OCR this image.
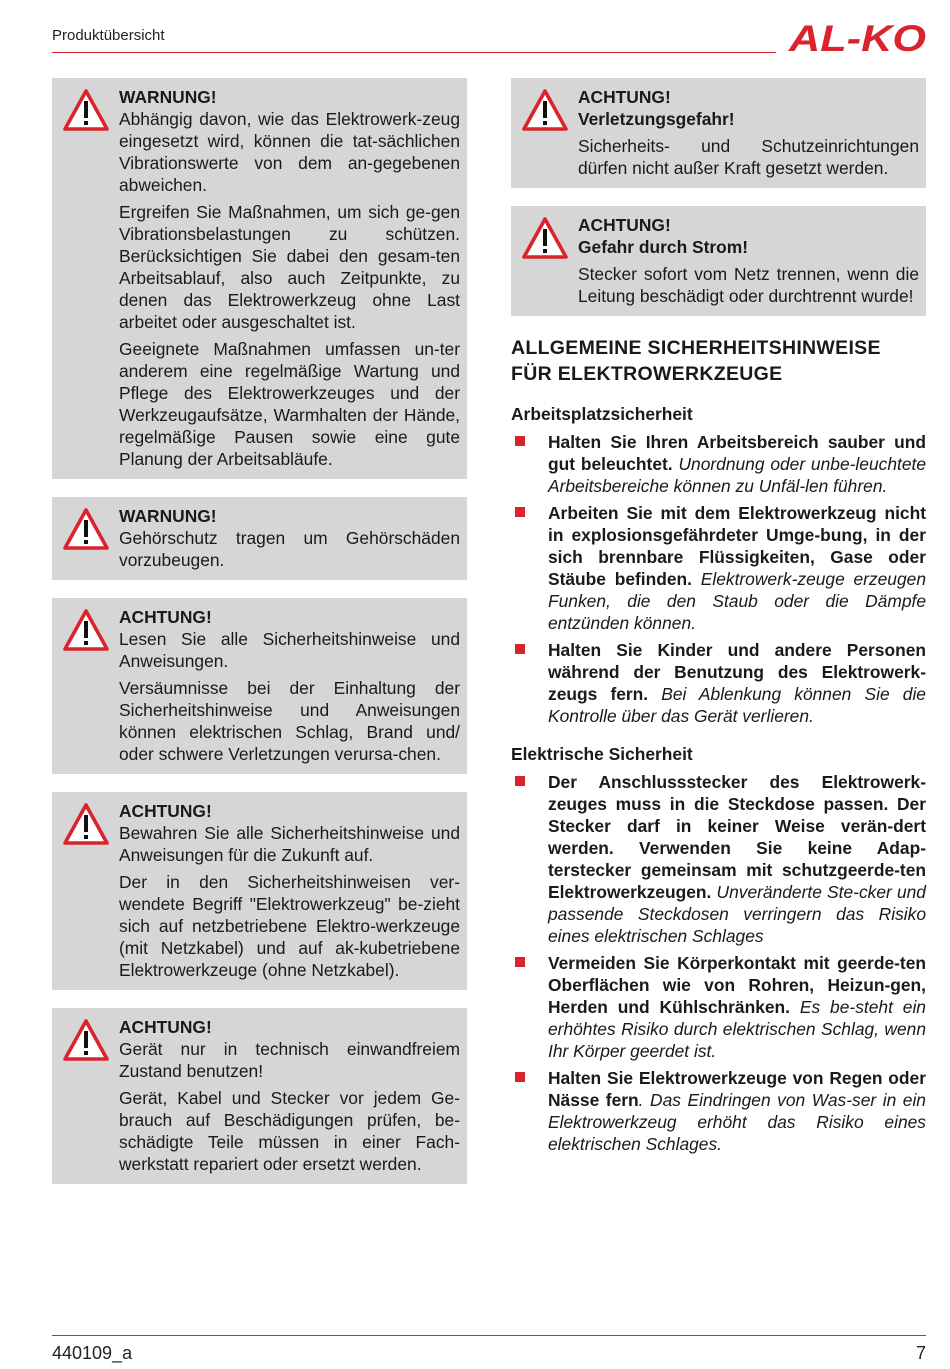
Produktübersicht	AL-KO
WARNUNG!

Abhängig davon, wie das Elektrowerk-zeug eingesetzt wird, können die tat-sächlichen Vibrationswerte von dem an-gegebenen abweichen.

Ergreifen Sie Maßnahmen, um sich ge-gen Vibrationsbelastungen zu schützen. Berücksichtigen Sie dabei den gesam-ten Arbeitsablauf, also auch Zeitpunkte, zu denen das Elektrowerkzeug ohne Last arbeitet oder ausgeschaltet ist.

Geeignete Maßnahmen umfassen un-ter anderem eine regelmäßige Wartung und Pflege des Elektrowerkzeuges und der Werkzeugaufsätze, Warmhalten der Hände, regelmäßige Pausen sowie eine gute Planung der Arbeitsabläufe.

WARNUNG!

Gehörschutz tragen um Gehörschäden vorzubeugen.

ACHTUNG!

Lesen Sie alle Sicherheitshinweise und Anweisungen.

Versäumnisse bei der Einhaltung der Sicherheitshinweise und Anweisungen können elektrischen Schlag, Brand und/ oder schwere Verletzungen verursa-chen.

ACHTUNG!

Bewahren Sie alle Sicherheitshinweise und Anweisungen für die Zukunft auf.

Der in den Sicherheitshinweisen ver-wendete Begriff "Elektrowerkzeug" be-zieht sich auf netzbetriebene Elektro-werkzeuge (mit Netzkabel) und auf ak-kubetriebene Elektrowerkzeuge (ohne Netzkabel).

ACHTUNG!

Gerät nur in technisch einwandfreiem Zustand benutzen!

Gerät, Kabel und Stecker vor jedem Ge-brauch auf Beschädigungen prüfen, be-schädigte Teile müssen in einer Fach-werkstatt repariert oder ersetzt werden.

ACHTUNG!
Verletzungsgefahr!

Sicherheits- und Schutzeinrichtungen dürfen nicht außer Kraft gesetzt werden.

ACHTUNG!
Gefahr durch Strom!

Stecker sofort vom Netz trennen, wenn die Leitung beschädigt oder durchtrennt wurde!

ALLGEMEINE SICHERHEITSHINWEISE
FÜR ELEKTROWERKZEUGE
Arbeitsplatzsicherheit
Halten Sie Ihren Arbeitsbereich sauber und gut beleuchtet. Unordnung oder unbe-leuchtete Arbeitsbereiche können zu Unfäl-len führen.
Arbeiten Sie mit dem Elektrowerkzeug nicht in explosionsgefährdeter Umge-bung, in der sich brennbare Flüssigkeiten, Gase oder Stäube befinden. Elektrowerk-zeuge erzeugen Funken, die den Staub oder die Dämpfe entzünden können.
Halten Sie Kinder und andere Personen während der Benutzung des Elektrowerk-zeugs fern. Bei Ablenkung können Sie die Kontrolle über das Gerät verlieren.
Elektrische Sicherheit
Der Anschlussstecker des Elektrowerk-zeuges muss in die Steckdose passen. Der Stecker darf in keiner Weise verän-dert werden. Verwenden Sie keine Adap-terstecker gemeinsam mit schutzgeerde-ten Elektrowerkzeugen. Unveränderte Ste-cker und passende Steckdosen verringern das Risiko eines elektrischen Schlages
Vermeiden Sie Körperkontakt mit geerde-ten Oberflächen wie von Rohren, Heizun-gen, Herden und Kühlschränken. Es be-steht ein erhöhtes Risiko durch elektrischen Schlag, wenn Ihr Körper geerdet ist.
Halten Sie Elektrowerkzeuge von Regen oder Nässe fern. Das Eindringen von Was-ser in ein Elektrowerkzeug erhöht das Risiko eines elektrischen Schlages.
440109_a	7
